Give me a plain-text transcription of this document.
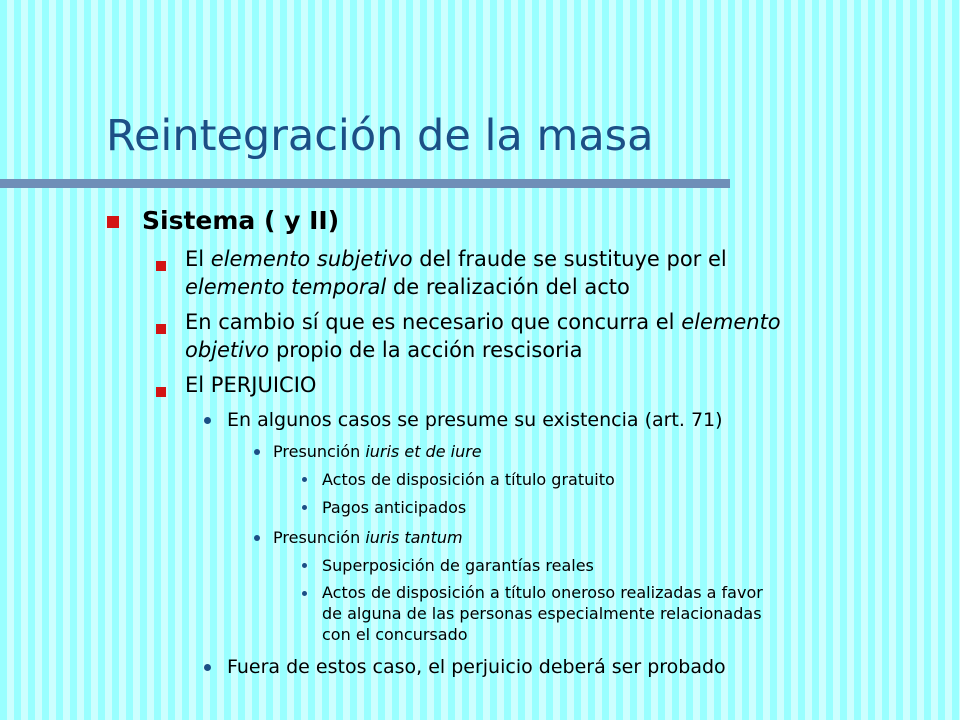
Reintegración de la masa
Sistema ( y II)
El elemento subjetivo del fraude se sustituye por el
elemento temporal de realización del acto
En cambio sí que es necesario que concurra el elemento
objetivo propio de la acción rescisoria
El PERJUICIO
En algunos casos se presume su existencia (art. 71)
Presunción iuris et de iure
Actos de disposición a título gratuito
Pagos anticipados
Presunción iuris tantum
Superposición de garantías reales
Actos de disposición a título oneroso realizadas a favor
de alguna de las personas especialmente relacionadas
con el concursado
Fuera de estos caso, el perjuicio deberá ser probado
